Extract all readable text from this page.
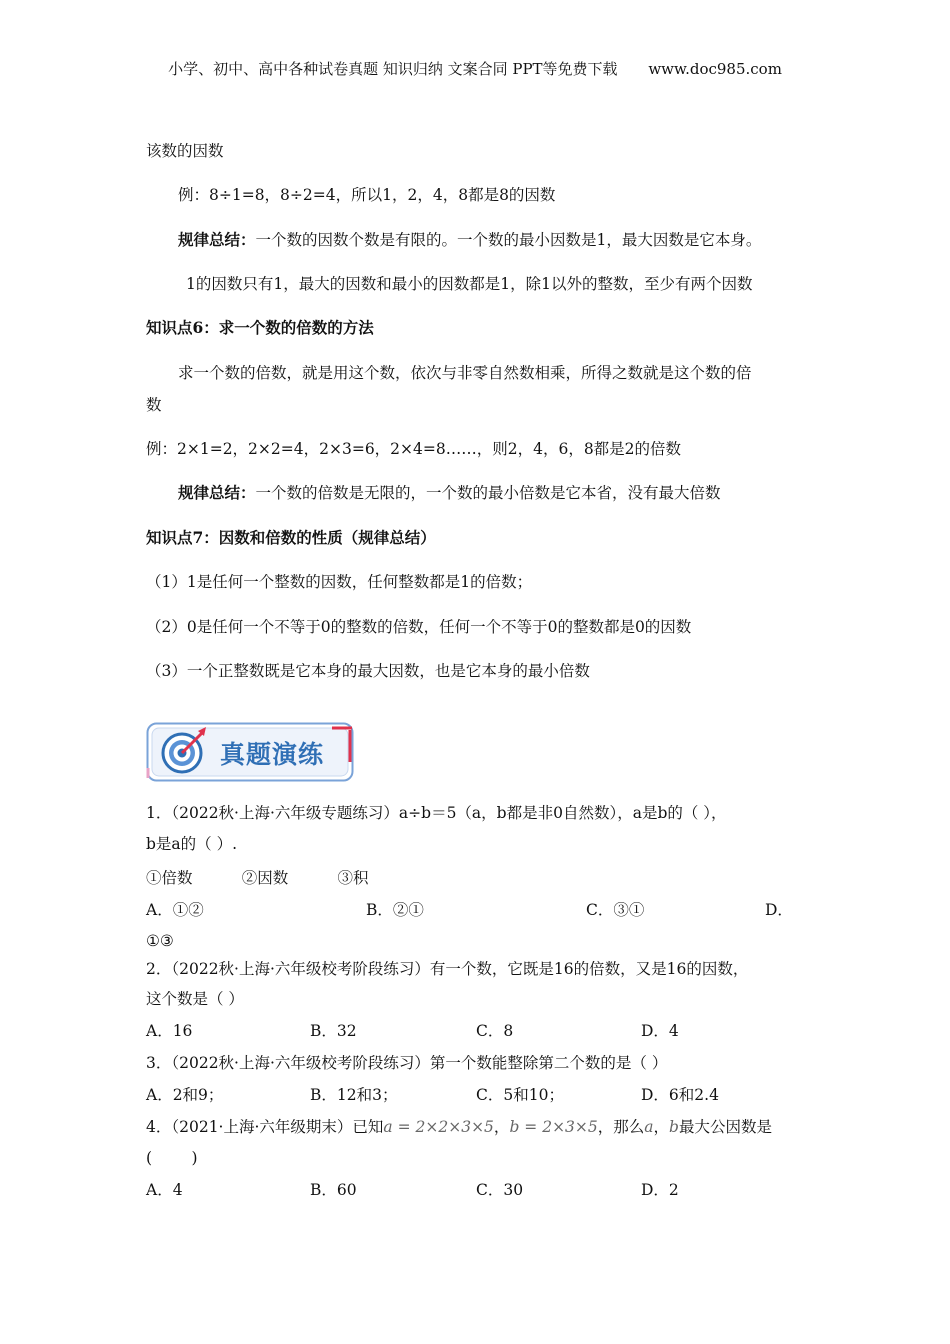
小学、初中、高中各种试卷真题 知识归纳 文案合同 PPT等免费下载 www.doc985.com
该数的因数
例：8÷1=8，8÷2=4，所以1，2，4，8都是8的因数
规律总结：一个数的因数个数是有限的。一个数的最小因数是1，最大因数是它本身。
1的因数只有1，最大的因数和最小的因数都是1，除1以外的整数，至少有两个因数
知识点6：求一个数的倍数的方法
求一个数的倍数，就是用这个数，依次与非零自然数相乘，所得之数就是这个数的倍
数
例：2×1=2，2×2=4，2×3=6，2×4=8……，则2，4，6，8都是2的倍数
规律总结：一个数的倍数是无限的，一个数的最小倍数是它本省，没有最大倍数
知识点7：因数和倍数的性质（规律总结）
（1）1是任何一个整数的因数，任何整数都是1的倍数；
（2）0是任何一个不等于0的整数的倍数，任何一个不等于0的整数都是0的因数
（3）一个正整数既是它本身的最大因数，也是它本身的最小倍数
真题演练
1．（2022秋·上海·六年级专题练习）a÷b＝5（a，b都是非0自然数），a是b的（ ），
b是a的（ ）.
①倍数          ②因数          ③积
A．①②	B．②①	C．③①	D．
①③
2．（2022秋·上海·六年级校考阶段练习）有一个数，它既是16的倍数，又是16的因数，
这个数是（ ）
A．16	B．32	C．8	D．4
3．（2022秋·上海·六年级校考阶段练习）第一个数能整除第二个数的是（ ）
A．2和9；	B．12和3；	C．5和10；	D．6和2.4
4．（2021·上海·六年级期末）已知a = 2×2×3×5，b = 2×3×5，那么a，b最大公因数是
(        )
A．4	B．60	C．30	D．2
